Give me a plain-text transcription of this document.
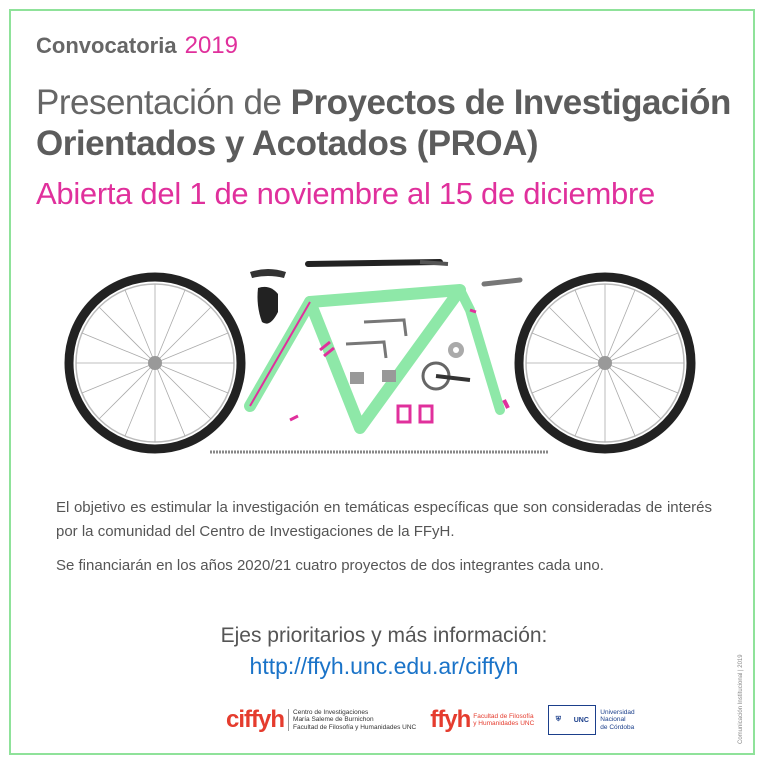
Convocatoria 2019
Presentación de Proyectos de Investigación
Orientados y Acotados (PROA)
Abierta del 1 de noviembre al 15 de diciembre

El objetivo es estimular la investigación en temáticas específicas que son consideradas de interés por la comunidad del Centro de Investigaciones de la FFyH.

Se financiarán en los años 2020/21 cuatro proyectos de dos integrantes cada uno.

Ejes prioritarios y más información:
http://ffyh.unc.edu.ar/ciffyh
ciffyh Centro de Investigaciones
María Saleme de Burnichon
Facultad de Filosofía y Humanidades UNC ffyh Facultad de Filosofía
y Humanidades UNC
⛨ UNC
Universidad
Nacional
de Córdoba	Comunicación Institucional | 2019
